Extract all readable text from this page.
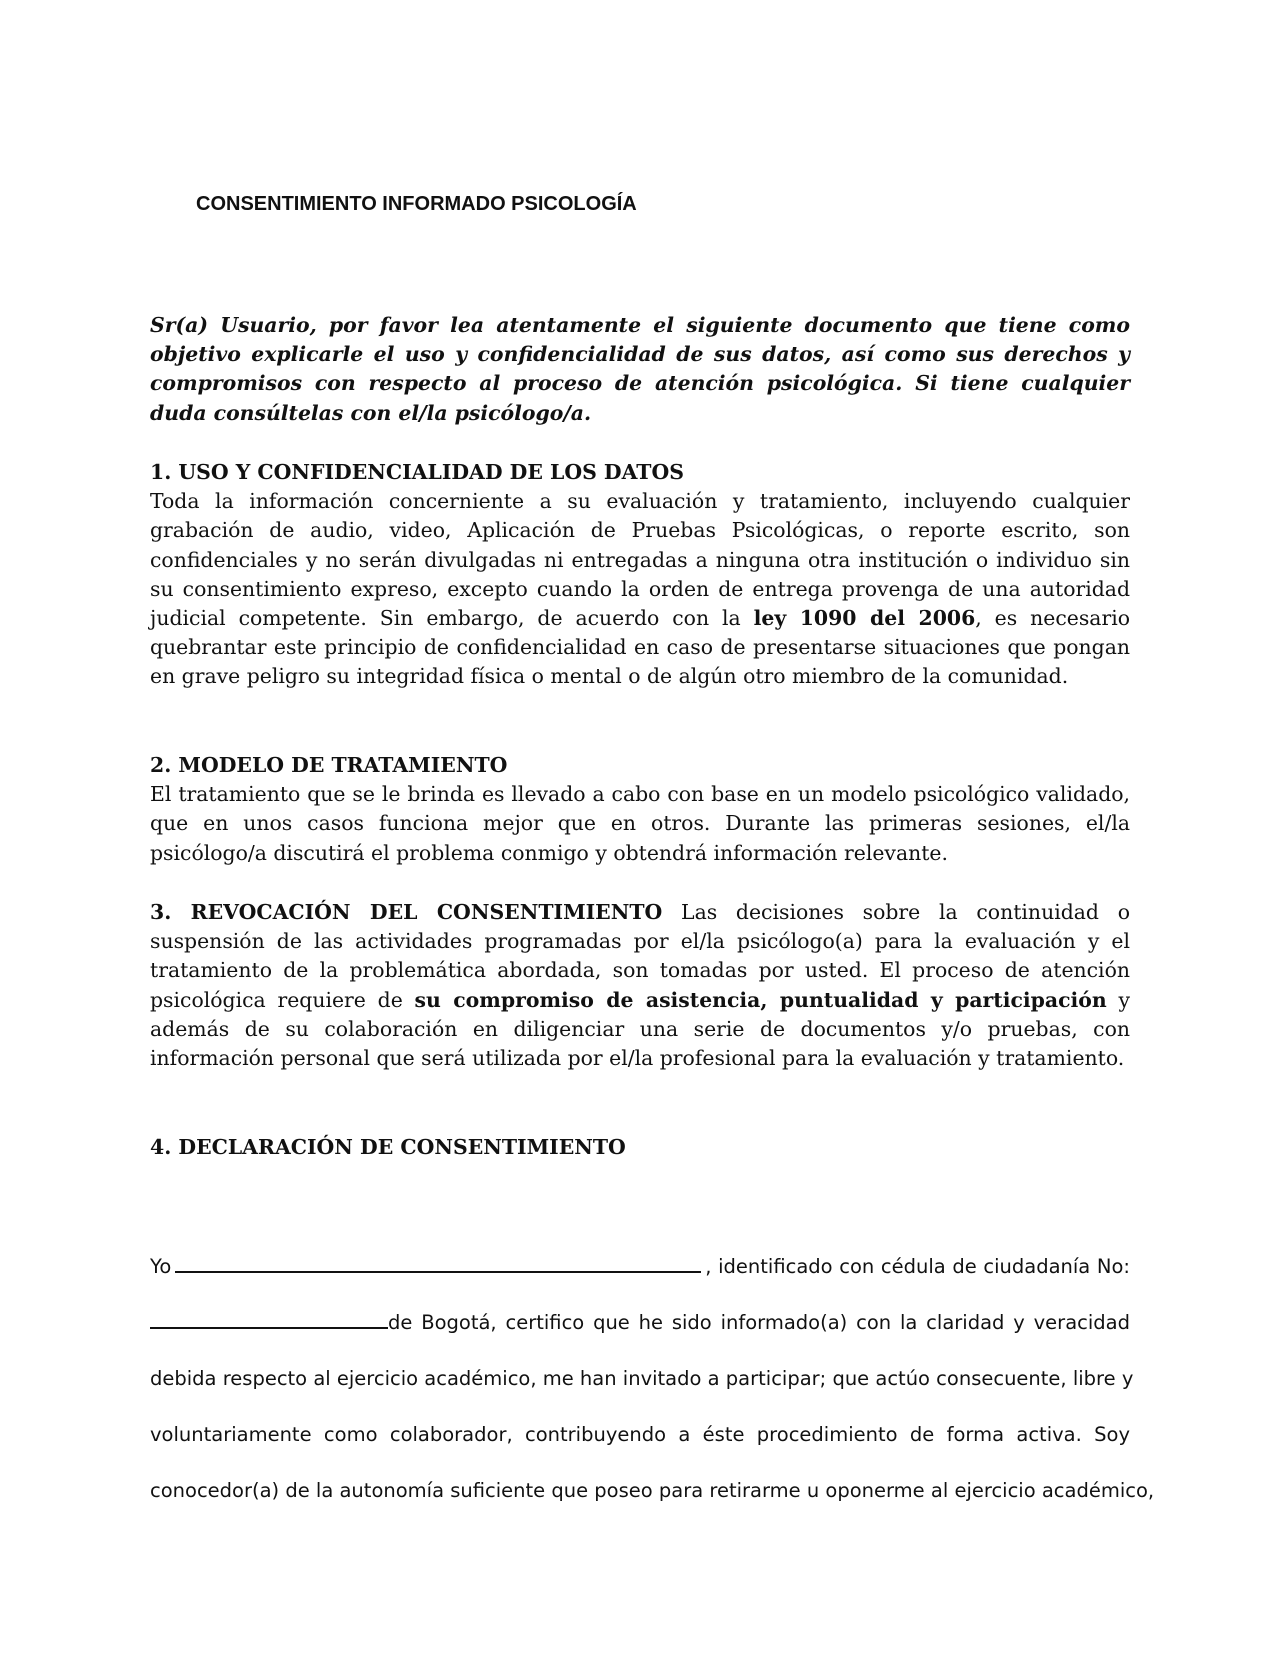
CONSENTIMIENTO INFORMADO PSICOLOGÍA
Sr(a) Usuario, por favor lea atentamente el siguiente documento que tiene como objetivo explicarle el uso y confidencialidad de sus datos, así como sus derechos y compromisos con respecto al proceso de atención psicológica. Si tiene cualquier duda consúltelas con el/la psicólogo/a.
1. USO Y CONFIDENCIALIDAD DE LOS DATOS
Toda la información concerniente a su evaluación y tratamiento, incluyendo cualquier grabación de audio, video, Aplicación de Pruebas Psicológicas, o reporte escrito, son confidenciales y no serán divulgadas ni entregadas a ninguna otra institución o individuo sin su consentimiento expreso, excepto cuando la orden de entrega provenga de una autoridad judicial competente. Sin embargo, de acuerdo con la ley 1090 del 2006, es necesario quebrantar este principio de confidencialidad en caso de presentarse situaciones que pongan en grave peligro su integridad física o mental o de algún otro miembro de la comunidad.
2. MODELO DE TRATAMIENTO
El tratamiento que se le brinda es llevado a cabo con base en un modelo psicológico validado, que en unos casos funciona mejor que en otros. Durante las primeras sesiones, el/la psicólogo/a discutirá el problema conmigo y obtendrá información relevante.
3. REVOCACIÓN DEL CONSENTIMIENTO Las decisiones sobre la continuidad o suspensión de las actividades programadas por el/la psicólogo(a) para la evaluación y el tratamiento de la problemática abordada, son tomadas por usted. El proceso de atención psicológica requiere de su compromiso de asistencia, puntualidad y participación y además de su colaboración en diligenciar una serie de documentos y/o pruebas, con información personal que será utilizada por el/la profesional para la evaluación y tratamiento.
4. DECLARACIÓN DE CONSENTIMIENTO
Yo	, identificado con cédula de ciudadanía No:
de Bogotá, certifico que he sido informado(a) con la claridad y veracidad
debida respecto al ejercicio académico, me han invitado a participar; que actúo consecuente, libre y
voluntariamente como colaborador, contribuyendo a éste procedimiento de forma activa. Soy
conocedor(a) de la autonomía suficiente que poseo para retirarme u oponerme al ejercicio académico,
